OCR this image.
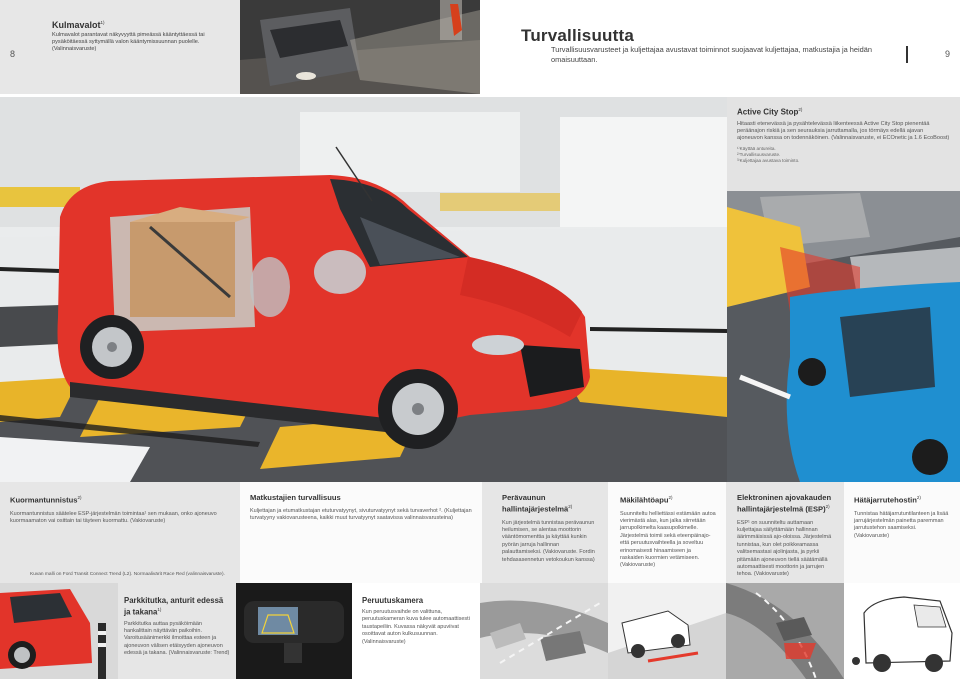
8
Kulmavalot$^{1)}$
Kulmavalot parantavat näkyvyyttä pimeässä kääntyttäessä tai pysäköitäessä syttymällä valon kääntymissuunnan puolelle. (Valinnaisvaruste)
Turvallisuutta
Turvallisuusvarusteet ja kuljettajaa avustavat toiminnot suojaavat kuljettajaa, matkustajia ja heidän omaisuuttaan.
9
Active City Stop$^{2)}$
Hitaasti etenevässä ja pysähtelevässä liikenteessä Active City Stop pienentää peräänajon riskiä ja sen seurauksia jarruttamalla, jos törmäys edellä ajavan ajoneuvon kanssa on todennäköinen. (Valinnaisvaruste, ei ECOnetic ja 1.6 EcoBoost)
¹⁾Käyttää antureita.
²⁾Turvallisuusvaruste.
³⁾Kuljettajaa avustava toiminto.
Kuormantunnistus$^{2)}$
Kuormantunnistus säätelee ESP-järjestelmän toimintaa¹ sen mukaan, onko ajoneuvo kuormaamaton vai osittain tai täyteen kuormattu. (Vakiovaruste)
Matkustajien turvallisuus
Kuljettajan ja etumatkustajan etuturvatyynyt, sivuturvatyynyt sekä turvaverhot ². (Kuljettajan turvatyyny vakiovarusteena, kaikki muut turvatyynyt saatavissa valinnaisvarusteina)
Perävaunun hallintajärjestelmä$^{2)}$
Kun järjestelmä tunnistaa perävaunun heilumisen, se alentaa moottorin vääntömomenttia ja käyttää kunkin pyörän jarruja hallinnan palauttamiseksi. (Vakiovaruste. Ford​in tehdasasennetun vetokoukun kanssa)
Mäkilähtöapu$^{2)}$
Suunniteltu helliettässi estämään autoa vierimästä alas, kun jalka siirretään jarrupolkimelta kaasupolkimelle. Järjestelmä toimii sekä eteenpäinajo- että peruutusvaihteella ja soveltuu erinomaisesti hinaamiseen ja raskaiden kuormien vetämiseen. (Vakiovaruste)
Elektroninen ajovakauden hallintajärjestelmä (ESP)$^{2)}$
ESP¹ on suunniteltu auttamaan kuljettajaa säilyttämään hallinnan äärimmäisissä ajo-oloissa. Järjestelmä tunnistaa, kun olet poikkeamassa valitsemastasi ajolinjasta, ja pyrkii pitämään ajoneuvon tiellä säätämällä automaattisesti moottorin ja jarrujen tehoa. (Vakiovaruste)
Hätäjarrutehostin$^{2)}$
Tunnistaa hätäjarrutuntilanteen ja lisää jarrujärjestelmän painetta paremman jarrutustehon saamiseksi. (Vakiovaruste)
Kuvan malli on Ford Transit Connect Trend (L2). Normaalivärit Race Red (valinnaisvaruste).
Parkkitutka, anturit edessä ja takana$^{1)}$
Parkkitutka auttaa pysäköimään hankalittain näyttävän paikoihin. Varoitusäänimerkki ilmoittaa esteen ja ajoneuvon välisen etäisyyden ajoneuvon edessä ja takana. (Valinnaisvaruste: Trend)
Peruutuskamera
Kun peruutusvaihde on valittuna, peruutuskameran kuva tulee automaattisesti taustapeiliin. Kuvassa näkyvät apuviivat osoittavat auton kulkusuunnan. (Valinnaisvaruste)
